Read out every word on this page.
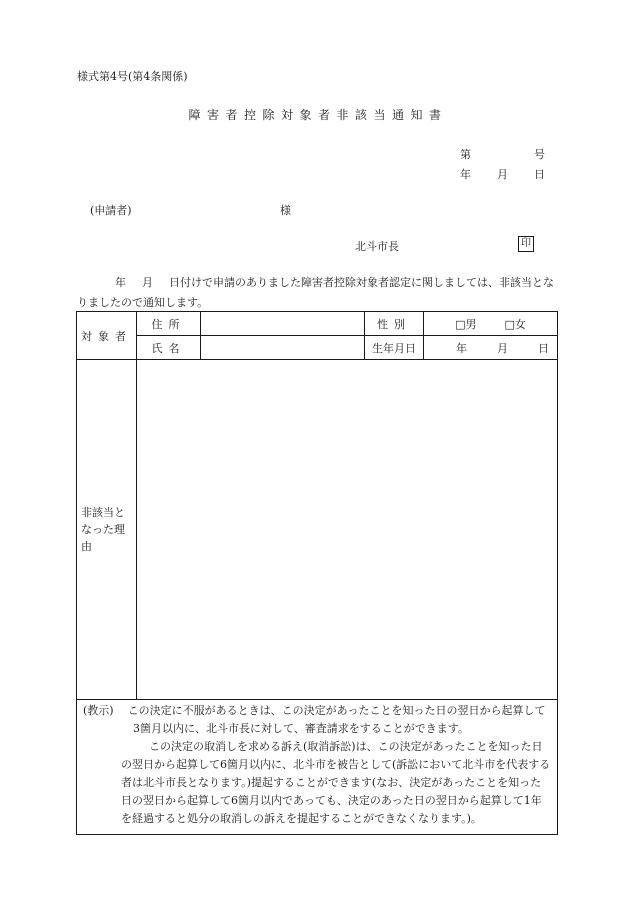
様式第4号(第4条関係)
障害者控除対象者非該当通知書
第	号
年 月 日
(申請者)	様
北斗市長	印
年 月 日付けで申請のありました障害者控除対象者認定に関しましては、非該当となりましたので通知します。
対象者	住所		性別	□男 □女
	氏名		生年月日	年 月 日
非該当となった理由				

(教示) この決定に不服があるときは、この決定があったことを知った日の翌日から起算して3箇月以内に、北斗市長に対して、審査請求をすることができます。
この決定の取消しを求める訴え(取消訴訟)は、この決定があったことを知った日の翌日から起算して6箇月以内に、北斗市を被告として(訴訟において北斗市を代表する者は北斗市長となります。)提起することができます(なお、決定があったことを知った日の翌日から起算して6箇月以内であっても、決定のあった日の翌日から起算して1年を経過すると処分の取消しの訴えを提起することができなくなります。)。				
